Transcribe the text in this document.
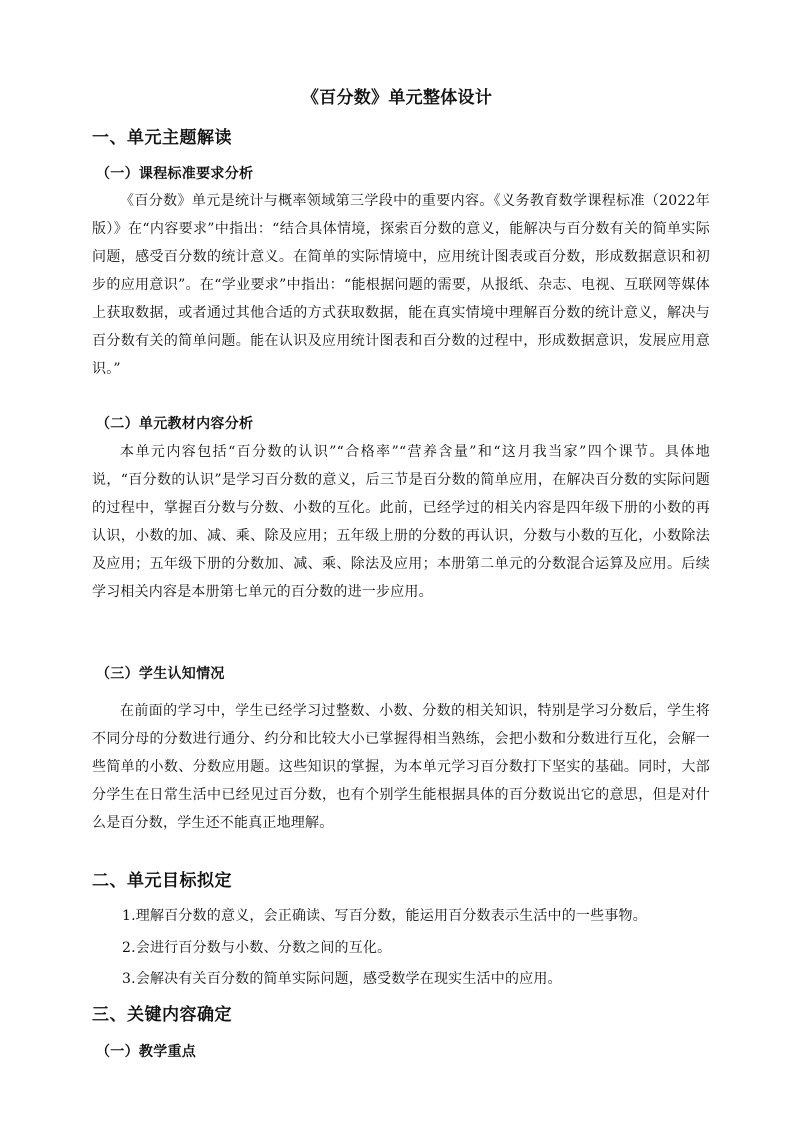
《百分数》单元整体设计
一、单元主题解读
（一）课程标准要求分析

《百分数》单元是统计与概率领域第三学段中的重要内容。《义务教育数学课程标准（2022年版）》在“内容要求”中指出：“结合具体情境，探索百分数的意义，能解决与百分数有关的简单实际问题，感受百分数的统计意义。在简单的实际情境中，应用统计图表或百分数，形成数据意识和初步的应用意识”。在“学业要求”中指出：“能根据问题的需要，从报纸、杂志、电视、互联网等媒体上获取数据，或者通过其他合适的方式获取数据，能在真实情境中理解百分数的统计意义，解决与百分数有关的简单问题。能在认识及应用统计图表和百分数的过程中，形成数据意识，发展应用意识。”

（二）单元教材内容分析

本单元内容包括“百分数的认识”“合格率”“营养含量”和“这月我当家”四个课节。具体地说，“百分数的认识”是学习百分数的意义，后三节是百分数的简单应用，在解决百分数的实际问题的过程中，掌握百分数与分数、小数的互化。此前，已经学过的相关内容是四年级下册的小数的再认识，小数的加、减、乘、除及应用；五年级上册的分数的再认识，分数与小数的互化，小数除法及应用；五年级下册的分数加、减、乘、除法及应用；本册第二单元的分数混合运算及应用。后续学习相关内容是本册第七单元的百分数的进一步应用。

（三）学生认知情况

在前面的学习中，学生已经学习过整数、小数、分数的相关知识，特别是学习分数后，学生将不同分母的分数进行通分、约分和比较大小已掌握得相当熟练，会把小数和分数进行互化，会解一些简单的小数、分数应用题。这些知识的掌握，为本单元学习百分数打下坚实的基础。同时，大部分学生在日常生活中已经见过百分数，也有个别学生能根据具体的百分数说出它的意思，但是对什么是百分数，学生还不能真正地理解。

二、单元目标拟定

1.理解百分数的意义，会正确读、写百分数，能运用百分数表示生活中的一些事物。

2.会进行百分数与小数、分数之间的互化。

3.会解决有关百分数的简单实际问题，感受数学在现实生活中的应用。

三、关键内容确定
（一）教学重点
